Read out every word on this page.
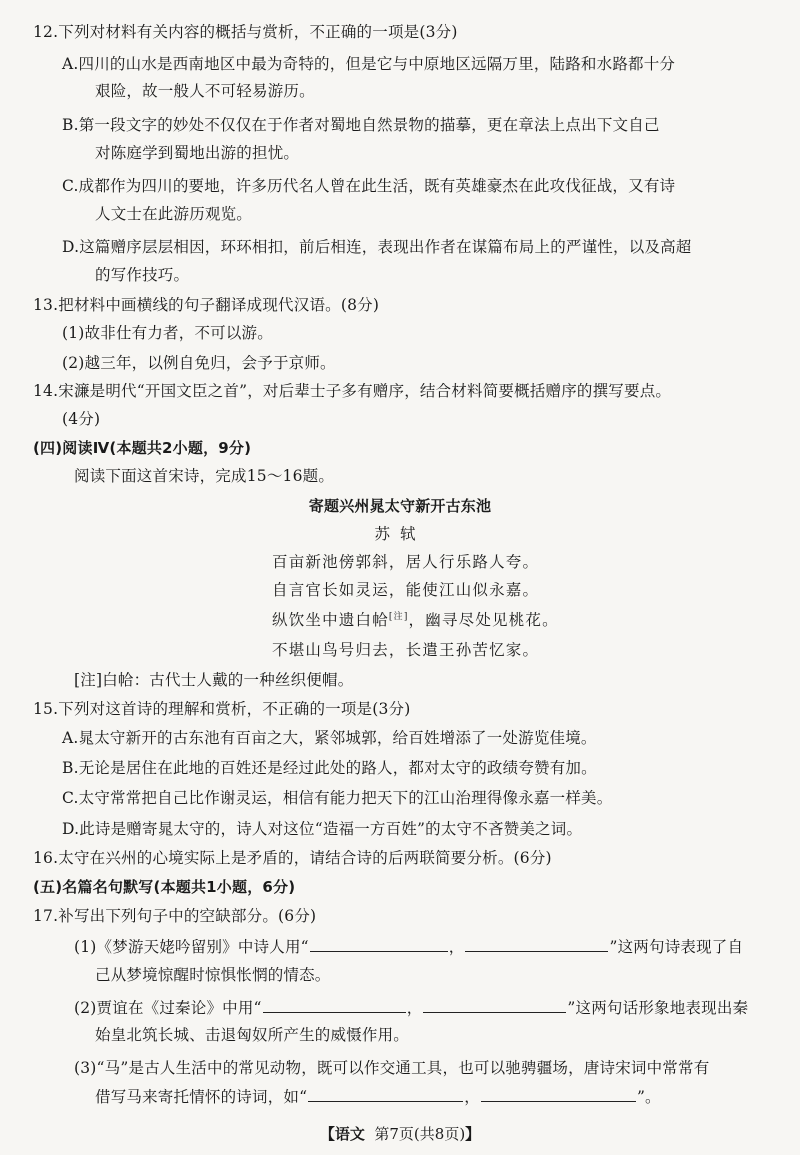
12.下列对材料有关内容的概括与赏析，不正确的一项是(3分)
A.四川的山水是西南地区中最为奇特的，但是它与中原地区远隔万里，陆路和水路都十分
艰险，故一般人不可轻易游历。
B.第一段文字的妙处不仅仅在于作者对蜀地自然景物的描摹，更在章法上点出下文自己
对陈庭学到蜀地出游的担忧。
C.成都作为四川的要地，许多历代名人曾在此生活，既有英雄豪杰在此攻伐征战，又有诗
人文士在此游历观览。
D.这篇赠序层层相因，环环相扣，前后相连，表现出作者在谋篇布局上的严谨性，以及高超
的写作技巧。
13.把材料中画横线的句子翻译成现代汉语。(8分)
(1)故非仕有力者，不可以游。
(2)越三年，以例自免归，会予于京师。
14.宋濂是明代“开国文臣之首”，对后辈士子多有赠序，结合材料简要概括赠序的撰写要点。
(4分)
(四)阅读Ⅳ(本题共2小题，9分)
阅读下面这首宋诗，完成15～16题。
寄题兴州晁太守新开古东池
苏轼
百亩新池傍郭斜，居人行乐路人夸。
自言官长如灵运，能使江山似永嘉。
纵饮坐中遗白帢[注]，幽寻尽处见桃花。
不堪山鸟号归去，长遣王孙苦忆家。
[注]白帢：古代士人戴的一种丝织便帽。
15.下列对这首诗的理解和赏析，不正确的一项是(3分)
A.晁太守新开的古东池有百亩之大，紧邻城郭，给百姓增添了一处游览佳境。
B.无论是居住在此地的百姓还是经过此处的路人，都对太守的政绩夸赞有加。
C.太守常常把自己比作谢灵运，相信有能力把天下的江山治理得像永嘉一样美。
D.此诗是赠寄晁太守的，诗人对这位“造福一方百姓”的太守不吝赞美之词。
16.太守在兴州的心境实际上是矛盾的，请结合诗的后两联简要分析。(6分)
(五)名篇名句默写(本题共1小题，6分)
17.补写出下列句子中的空缺部分。(6分)
(1)《梦游天姥吟留别》中诗人用“	，	”这两句诗表现了自
己从梦境惊醒时惊惧怅惘的情态。
(2)贾谊在《过秦论》中用“	，	”这两句话形象地表现出秦
始皇北筑长城、击退匈奴所产生的威慑作用。
(3)“马”是古人生活中的常见动物，既可以作交通工具，也可以驰骋疆场，唐诗宋词中常常有
借写马来寄托情怀的诗词，如“	，	”。
【语文 第7页(共8页)】
